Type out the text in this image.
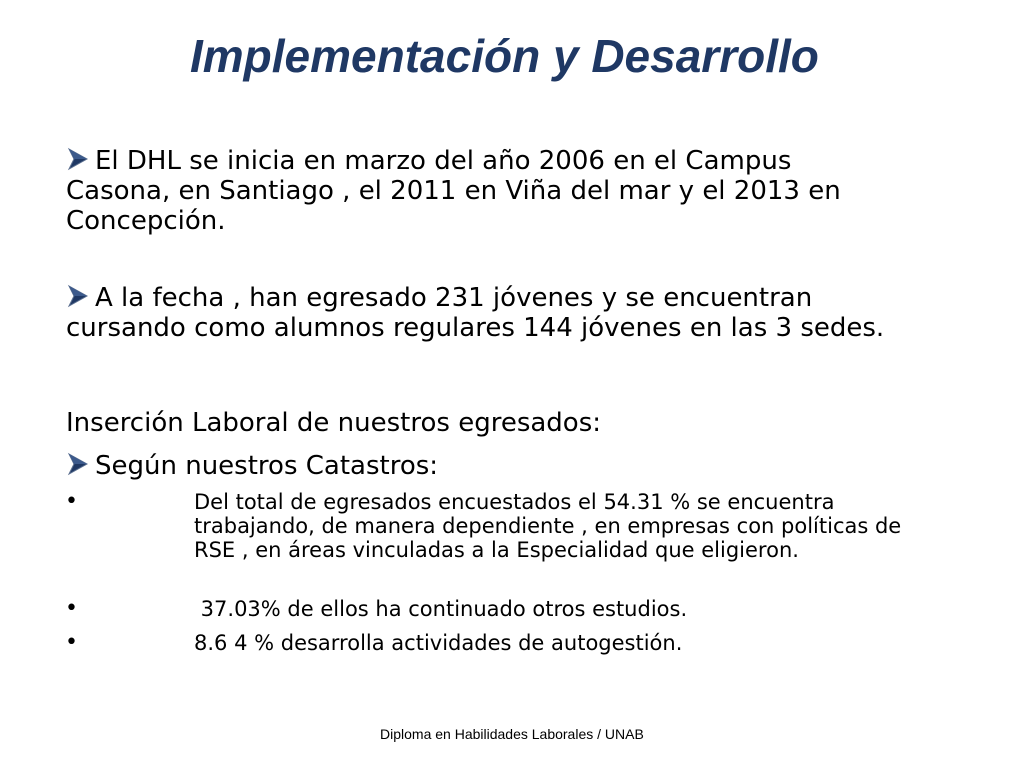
Implementación y Desarrollo
El DHL se inicia en marzo del año 2006 en el Campus Casona, en Santiago , el 2011 en Viña del mar y el 2013 en Concepción.
A la fecha , han egresado 231 jóvenes y se encuentran cursando como alumnos regulares 144 jóvenes en las 3 sedes.
Inserción Laboral de nuestros egresados:
Según nuestros Catastros:
•	Del total de egresados encuestados el 54.31 % se encuentra trabajando, de manera dependiente , en empresas con políticas de RSE , en áreas vinculadas a la Especialidad que eligieron.
•	37.03% de ellos ha continuado otros estudios.
•	8.6 4 % desarrolla actividades de autogestión.
Diploma en Habilidades Laborales / UNAB
